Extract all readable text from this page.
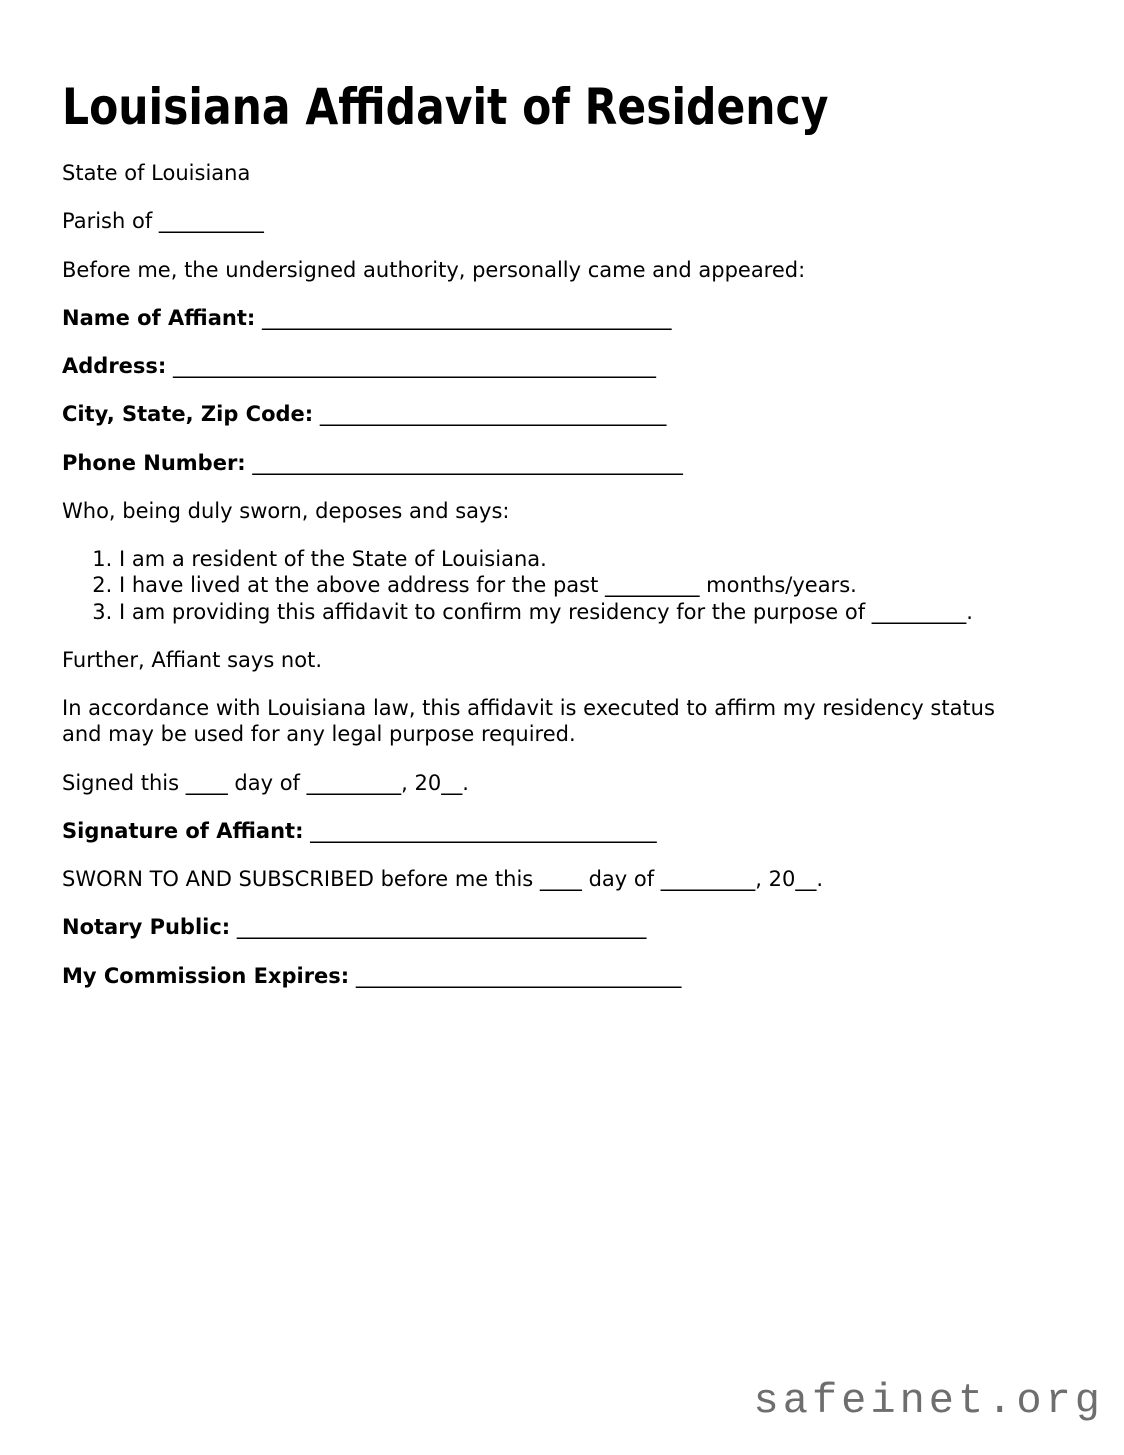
Louisiana Affidavit of Residency

State of Louisiana

Parish of __________

Before me, the undersigned authority, personally came and appeared:

Name of Affiant: _______________________________________

Address: ______________________________________________

City, State, Zip Code: _________________________________

Phone Number: _________________________________________

Who, being duly sworn, deposes and says:

1. I am a resident of the State of Louisiana.
2. I have lived at the above address for the past _________ months/years.
3. I am providing this affidavit to confirm my residency for the purpose of _________.

Further, Affiant says not.

In accordance with Louisiana law, this affidavit is executed to affirm my residency status
and may be used for any legal purpose required.

Signed this ____ day of _________, 20__.

Signature of Affiant: _________________________________

SWORN TO AND SUBSCRIBED before me this ____ day of _________, 20__.

Notary Public: _______________________________________

My Commission Expires: _______________________________

safeinet.org
